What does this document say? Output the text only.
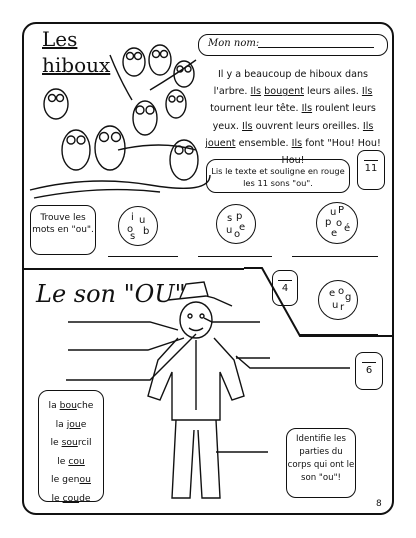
Les
hiboux
Mon nom:
Il y a beaucoup de hiboux dans l'arbre. Ils bougent leurs ailes. Ils tournent leur tête. Ils roulent leurs yeux. Ils ouvrent leurs oreilles. Ils jouent ensemble. Ils font "Hou! Hou! Hou!
Lis le texte et souligne en rouge les 11 sons "ou".
11
Trouve les mots en "ou".
i u
o b
s
s p
u e
o
u P
p o
e é
e o
g
u r
4
Le son "OU"
6
la bouche
la joue
le sourcil
le cou
le genou
le coude
Identifie les parties du corps qui ont le son "ou"!
8
